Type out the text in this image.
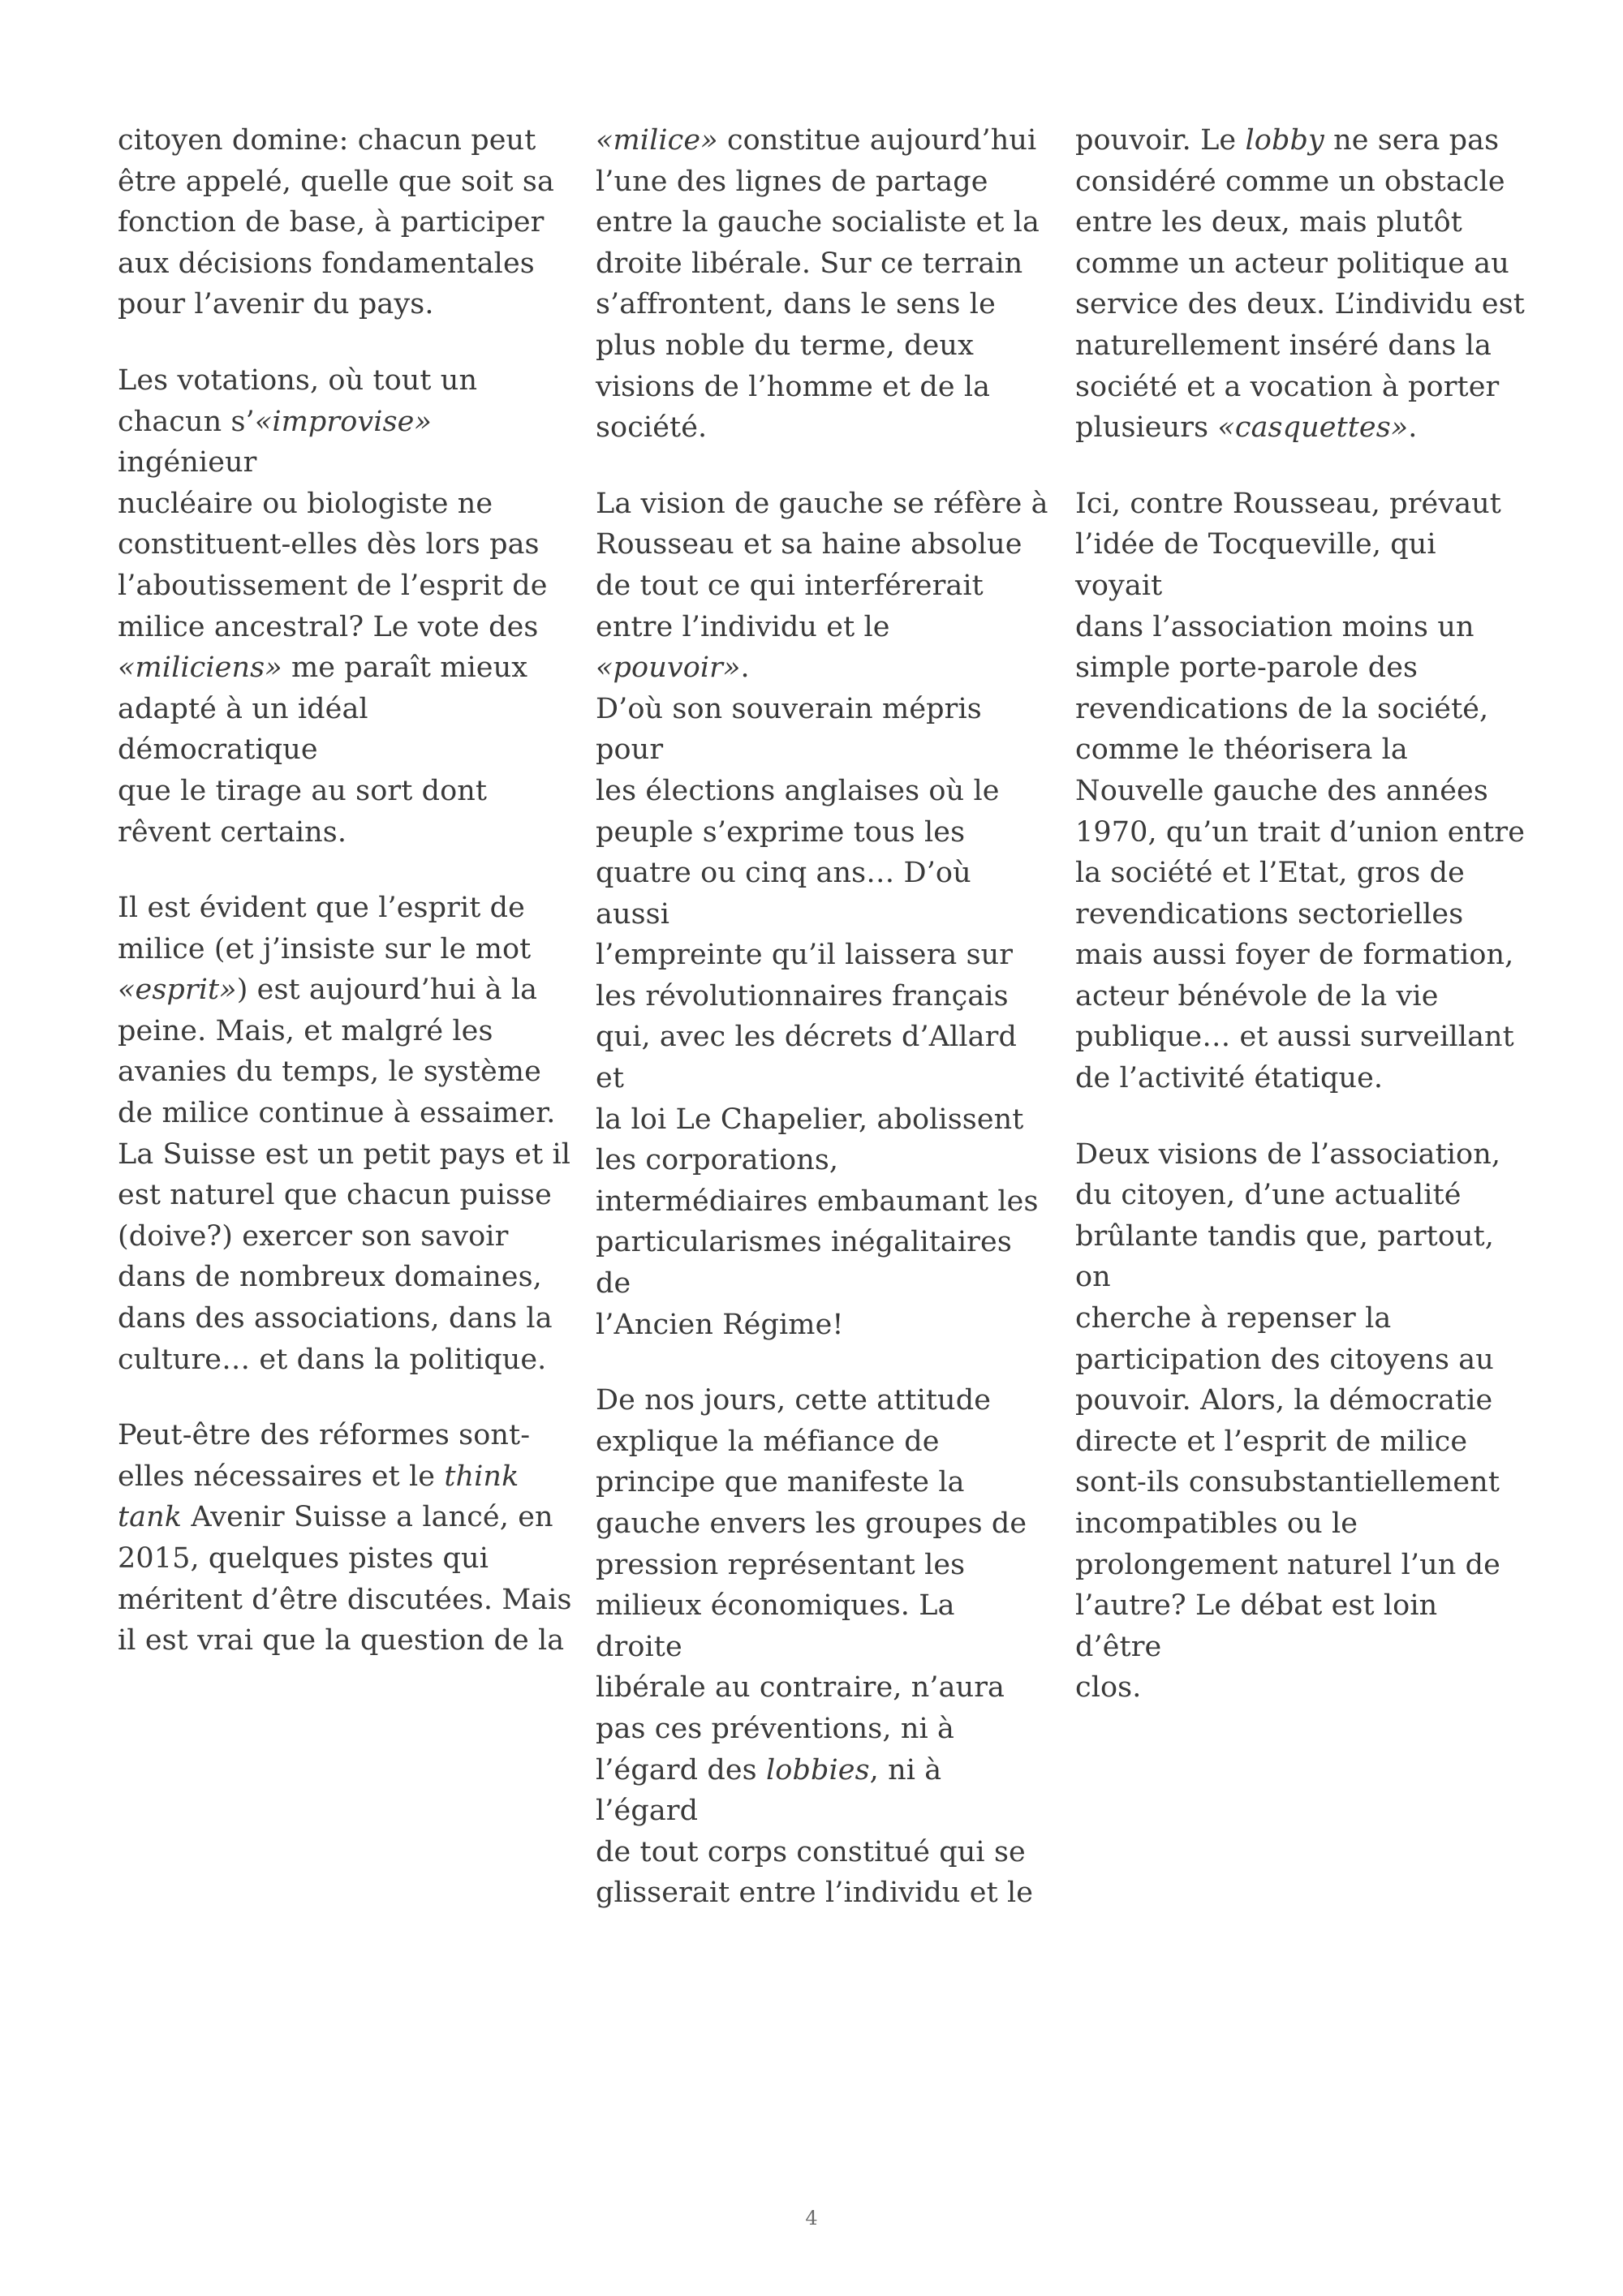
citoyen domine: chacun peut
être appelé, quelle que soit sa
fonction de base, à participer
aux décisions fondamentales
pour l’avenir du pays.

Les votations, où tout un
chacun s’«improvise» ingénieur
nucléaire ou biologiste ne
constituent-elles dès lors pas
l’aboutissement de l’esprit de
milice ancestral? Le vote des
«miliciens» me paraît mieux
adapté à un idéal démocratique
que le tirage au sort dont
rêvent certains.

Il est évident que l’esprit de
milice (et j’insiste sur le mot
«esprit») est aujourd’hui à la
peine. Mais, et malgré les
avanies du temps, le système
de milice continue à essaimer.
La Suisse est un petit pays et il
est naturel que chacun puisse
(doive?) exercer son savoir
dans de nombreux domaines,
dans des associations, dans la
culture… et dans la politique.

Peut-être des réformes sont-
elles nécessaires et le think
tank Avenir Suisse a lancé, en
2015, quelques pistes qui
méritent d’être discutées. Mais
il est vrai que la question de la

«milice» constitue aujourd’hui
l’une des lignes de partage
entre la gauche socialiste et la
droite libérale. Sur ce terrain
s’affrontent, dans le sens le
plus noble du terme, deux
visions de l’homme et de la
société.

La vision de gauche se réfère à
Rousseau et sa haine absolue
de tout ce qui interférerait
entre l’individu et le «pouvoir».
D’où son souverain mépris pour
les élections anglaises où le
peuple s’exprime tous les
quatre ou cinq ans… D’où aussi
l’empreinte qu’il laissera sur
les révolutionnaires français
qui, avec les décrets d’Allard et
la loi Le Chapelier, abolissent
les corporations,
intermédiaires embaumant les
particularismes inégalitaires de
l’Ancien Régime!

De nos jours, cette attitude
explique la méfiance de
principe que manifeste la
gauche envers les groupes de
pression représentant les
milieux économiques. La droite
libérale au contraire, n’aura
pas ces préventions, ni à
l’égard des lobbies, ni à l’égard
de tout corps constitué qui se
glisserait entre l’individu et le

pouvoir. Le lobby ne sera pas
considéré comme un obstacle
entre les deux, mais plutôt
comme un acteur politique au
service des deux. L’individu est
naturellement inséré dans la
société et a vocation à porter
plusieurs «casquettes».

Ici, contre Rousseau, prévaut
l’idée de Tocqueville, qui voyait
dans l’association moins un
simple porte-parole des
revendications de la société,
comme le théorisera la
Nouvelle gauche des années
1970, qu’un trait d’union entre
la société et l’Etat, gros de
revendications sectorielles
mais aussi foyer de formation,
acteur bénévole de la vie
publique… et aussi surveillant
de l’activité étatique.

Deux visions de l’association,
du citoyen, d’une actualité
brûlante tandis que, partout, on
cherche à repenser la
participation des citoyens au
pouvoir. Alors, la démocratie
directe et l’esprit de milice
sont-ils consubstantiellement
incompatibles ou le
prolongement naturel l’un de
l’autre? Le débat est loin d’être
clos.

4
